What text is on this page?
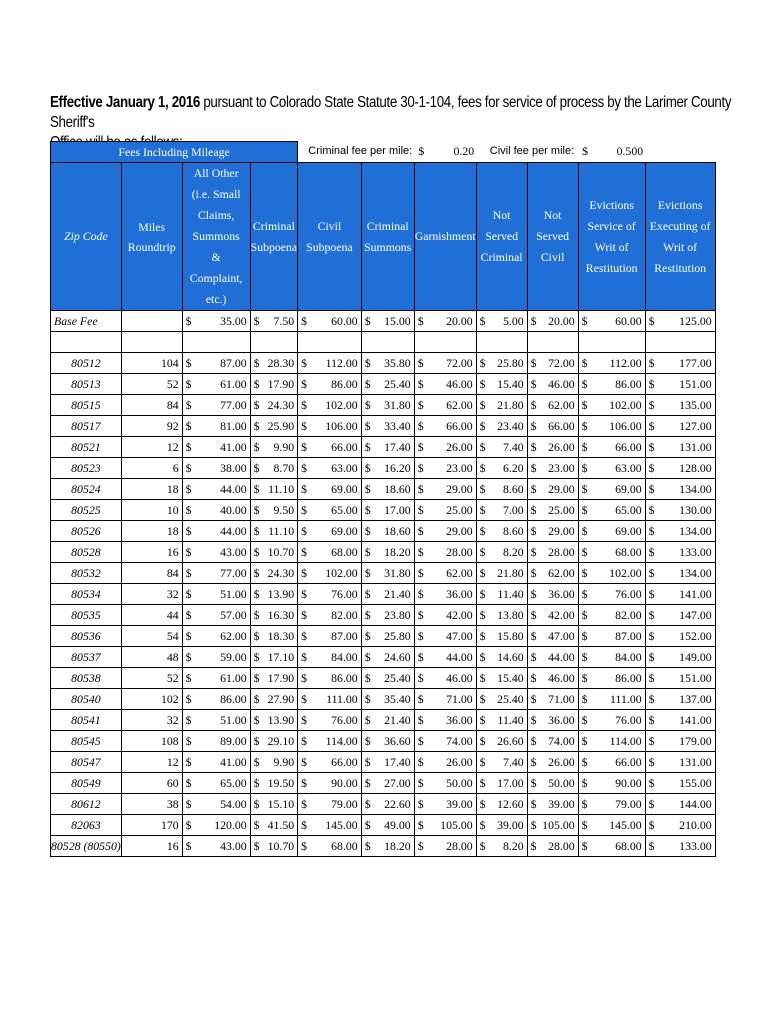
Effective January 1, 2016 pursuant to Colorado State Statute 30-1-104, fees for service of process by the Larimer County Sheriff's
Fees Including Mileage						Criminal fee per mile:				$	0.20	Civil fee per mile:				$	0.500		

Zip Code	Miles Roundtrip	All Other (i.e. Small Claims, Summons & Complaint, etc.)		Criminal Subpoena		Civil Subpoena		Criminal Summons		Garnishment		Not Served Criminal		Not Served Civil		Evictions Service of Writ of Restitution		Evictions Executing of Writ of Restitution	

Base Fee		$	35.00	$	7.50	$	60.00	$	15.00	$	20.00	$	5.00	$	20.00	$	60.00	$	125.00

80512	104	$	87.00	$	28.30	$	112.00	$	35.80	$	72.00	$	25.80	$	72.00	$	112.00	$	177.00
80513	52	$	61.00	$	17.90	$	86.00	$	25.40	$	46.00	$	15.40	$	46.00	$	86.00	$	151.00
80515	84	$	77.00	$	24.30	$	102.00	$	31.80	$	62.00	$	21.80	$	62.00	$	102.00	$	135.00
80517	92	$	81.00	$	25.90	$	106.00	$	33.40	$	66.00	$	23.40	$	66.00	$	106.00	$	127.00
80521	12	$	41.00	$	9.90	$	66.00	$	17.40	$	26.00	$	7.40	$	26.00	$	66.00	$	131.00
80523	6	$	38.00	$	8.70	$	63.00	$	16.20	$	23.00	$	6.20	$	23.00	$	63.00	$	128.00
80524	18	$	44.00	$	11.10	$	69.00	$	18.60	$	29.00	$	8.60	$	29.00	$	69.00	$	134.00
80525	10	$	40.00	$	9.50	$	65.00	$	17.00	$	25.00	$	7.00	$	25.00	$	65.00	$	130.00
80526	18	$	44.00	$	11.10	$	69.00	$	18.60	$	29.00	$	8.60	$	29.00	$	69.00	$	134.00
80528	16	$	43.00	$	10.70	$	68.00	$	18.20	$	28.00	$	8.20	$	28.00	$	68.00	$	133.00
80532	84	$	77.00	$	24.30	$	102.00	$	31.80	$	62.00	$	21.80	$	62.00	$	102.00	$	134.00
80534	32	$	51.00	$	13.90	$	76.00	$	21.40	$	36.00	$	11.40	$	36.00	$	76.00	$	141.00
80535	44	$	57.00	$	16.30	$	82.00	$	23.80	$	42.00	$	13.80	$	42.00	$	82.00	$	147.00
80536	54	$	62.00	$	18.30	$	87.00	$	25.80	$	47.00	$	15.80	$	47.00	$	87.00	$	152.00
80537	48	$	59.00	$	17.10	$	84.00	$	24.60	$	44.00	$	14.60	$	44.00	$	84.00	$	149.00
80538	52	$	61.00	$	17.90	$	86.00	$	25.40	$	46.00	$	15.40	$	46.00	$	86.00	$	151.00
80540	102	$	86.00	$	27.90	$	111.00	$	35.40	$	71.00	$	25.40	$	71.00	$	111.00	$	137.00
80541	32	$	51.00	$	13.90	$	76.00	$	21.40	$	36.00	$	11.40	$	36.00	$	76.00	$	141.00
80545	108	$	89.00	$	29.10	$	114.00	$	36.60	$	74.00	$	26.60	$	74.00	$	114.00	$	179.00
80547	12	$	41.00	$	9.90	$	66.00	$	17.40	$	26.00	$	7.40	$	26.00	$	66.00	$	131.00
80549	60	$	65.00	$	19.50	$	90.00	$	27.00	$	50.00	$	17.00	$	50.00	$	90.00	$	155.00
80612	38	$	54.00	$	15.10	$	79.00	$	22.60	$	39.00	$	12.60	$	39.00	$	79.00	$	144.00
82063	170	$	120.00	$	41.50	$	145.00	$	49.00	$	105.00	$	39.00	$	105.00	$	145.00	$	210.00
80528 (80550)	16	$	43.00	$	10.70	$	68.00	$	18.20	$	28.00	$	8.20	$	28.00	$	68.00	$	133.00
